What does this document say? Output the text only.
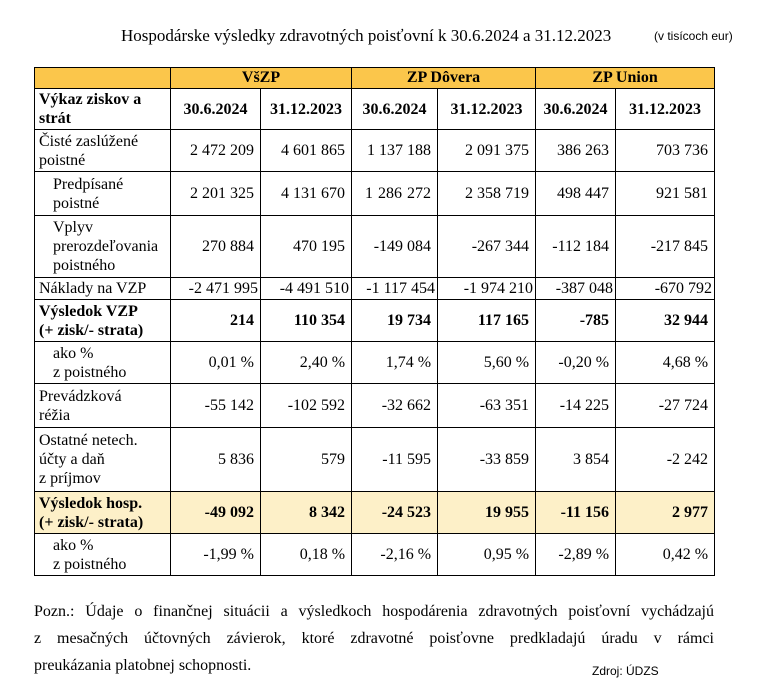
Hospodárske výsledky zdravotných poisťovní k 30.6.2024 a 31.12.2023	(v tisícoch eur)
	VšZP		ZP Dôvera		ZP Union	
Výkaz ziskov a
strát	30.6.2024	31.12.2023	30.6.2024	31.12.2023	30.6.2024	31.12.2023
Čisté zaslúžené
poistné	2 472 209	4 601 865	1 137 188	2 091 375	386 263	703 736
Predpísané
poistné	2 201 325	4 131 670	1 286 272	2 358 719	498 447	921 581
Vplyv
prerozdeľovania
poistného	270 884	470 195	-149 084	-267 344	-112 184	-217 845
Náklady na VZP	-2 471 995	-4 491 510	-1 117 454	-1 974 210	-387 048	-670 792
Výsledok VZP
(+ zisk/- strata)	214	110 354	19 734	117 165	-785	32 944
ako %
z poistného	0,01 %	2,40 %	1,74 %	5,60 %	-0,20 %	4,68 %
Prevádzková
réžia	-55 142	-102 592	-32 662	-63 351	-14 225	-27 724
Ostatné netech.
účty a daň
z príjmov	5 836	579	-11 595	-33 859	3 854	-2 242
Výsledok hosp.
(+ zisk/- strata)	-49 092	8 342	-24 523	19 955	-11 156	2 977
ako %
z poistného	-1,99 %	0,18 %	-2,16 %	0,95 %	-2,89 %	0,42 %
Pozn.: Údaje o finančnej situácii a výsledkoch hospodárenia zdravotných poisťovní vychádzajú
z mesačných účtovných závierok, ktoré zdravotné poisťovne predkladajú úradu v rámci
preukázania platobnej schopnosti.	Zdroj: ÚDZS
